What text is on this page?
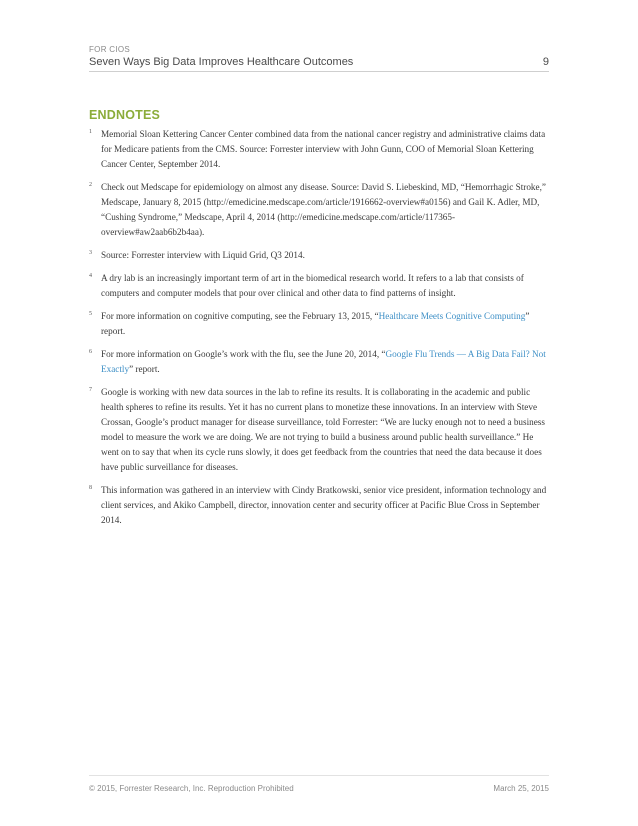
FOR CIOS
Seven Ways Big Data Improves Healthcare Outcomes	9
ENDNOTES
1 Memorial Sloan Kettering Cancer Center combined data from the national cancer registry and administrative claims data for Medicare patients from the CMS. Source: Forrester interview with John Gunn, COO of Memorial Sloan Kettering Cancer Center, September 2014.
2 Check out Medscape for epidemiology on almost any disease. Source: David S. Liebeskind, MD, “Hemorrhagic Stroke,” Medscape, January 8, 2015 (http://emedicine.medscape.com/article/1916662-overview#a0156) and Gail K. Adler, MD, “Cushing Syndrome,” Medscape, April 4, 2014 (http://emedicine.medscape.com/article/117365-overview#aw2aab6b2b4aa).
3 Source: Forrester interview with Liquid Grid, Q3 2014.
4 A dry lab is an increasingly important term of art in the biomedical research world. It refers to a lab that consists of computers and computer models that pour over clinical and other data to find patterns of insight.
5 For more information on cognitive computing, see the February 13, 2015, “Healthcare Meets Cognitive Computing” report.
6 For more information on Google’s work with the flu, see the June 20, 2014, “Google Flu Trends — A Big Data Fail? Not Exactly” report.
7 Google is working with new data sources in the lab to refine its results. It is collaborating in the academic and public health spheres to refine its results. Yet it has no current plans to monetize these innovations. In an interview with Steve Crossan, Google’s product manager for disease surveillance, told Forrester: “We are lucky enough not to need a business model to measure the work we are doing. We are not trying to build a business around public health surveillance.” He went on to say that when its cycle runs slowly, it does get feedback from the countries that need the data because it does have public surveillance for diseases.
8 This information was gathered in an interview with Cindy Bratkowski, senior vice president, information technology and client services, and Akiko Campbell, director, innovation center and security officer at Pacific Blue Cross in September 2014.
© 2015, Forrester Research, Inc. Reproduction Prohibited	March 25, 2015
